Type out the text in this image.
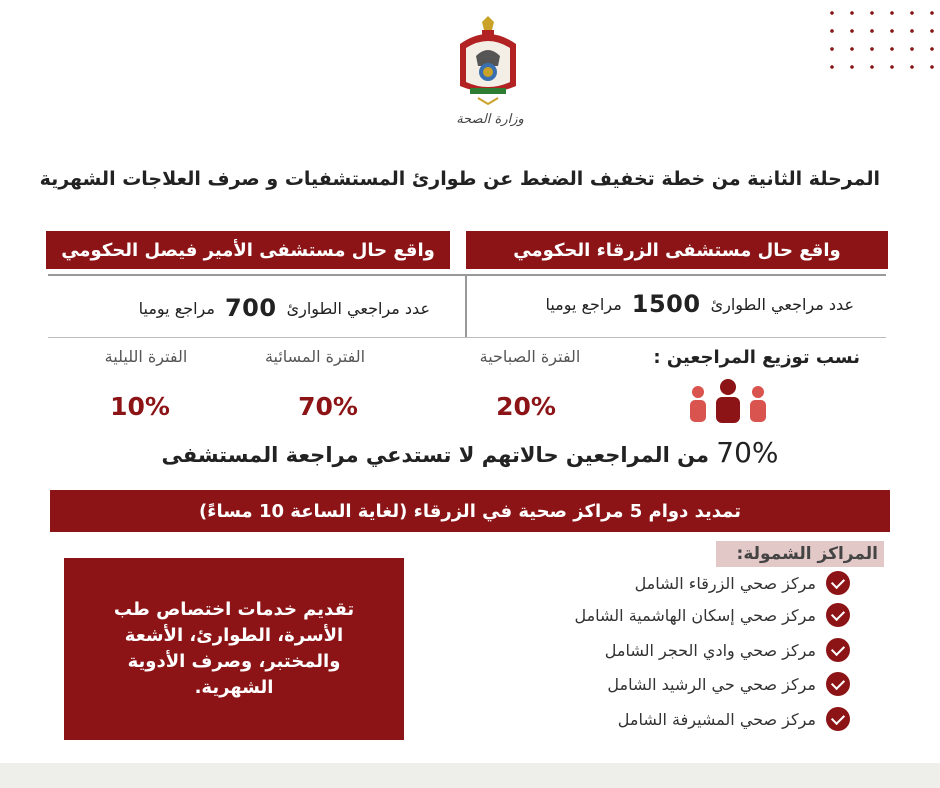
وزارة الصحة
المرحلة الثانية من خطة تخفيف الضغط عن طوارئ المستشفيات و صرف العلاجات الشهرية
واقع حال مستشفى الزرقاء الحكومي
واقع حال مستشفى الأمير فيصل الحكومي
عدد مراجعي الطوارئ
1500
مراجع يوميا
عدد مراجعي الطوارئ
700
مراجع يوميا
نسب توزيع المراجعين :
الفترة الصباحية
الفترة المسائية
الفترة الليلية
20%
70%
10%
70% من المراجعين حالاتهم لا تستدعي مراجعة المستشفى
تمديد دوام 5 مراكز صحية في الزرقاء (لغاية الساعة 10 مساءً)
المراكز الشمولة:
مركز صحي الزرقاء الشامل
مركز صحي إسكان الهاشمية الشامل
مركز صحي وادي الحجر الشامل
مركز صحي حي الرشيد الشامل
مركز صحي المشيرفة الشامل
تقديم خدمات اختصاص طب الأسرة، الطوارئ، الأشعة والمختبر، وصرف الأدوية الشهرية.
